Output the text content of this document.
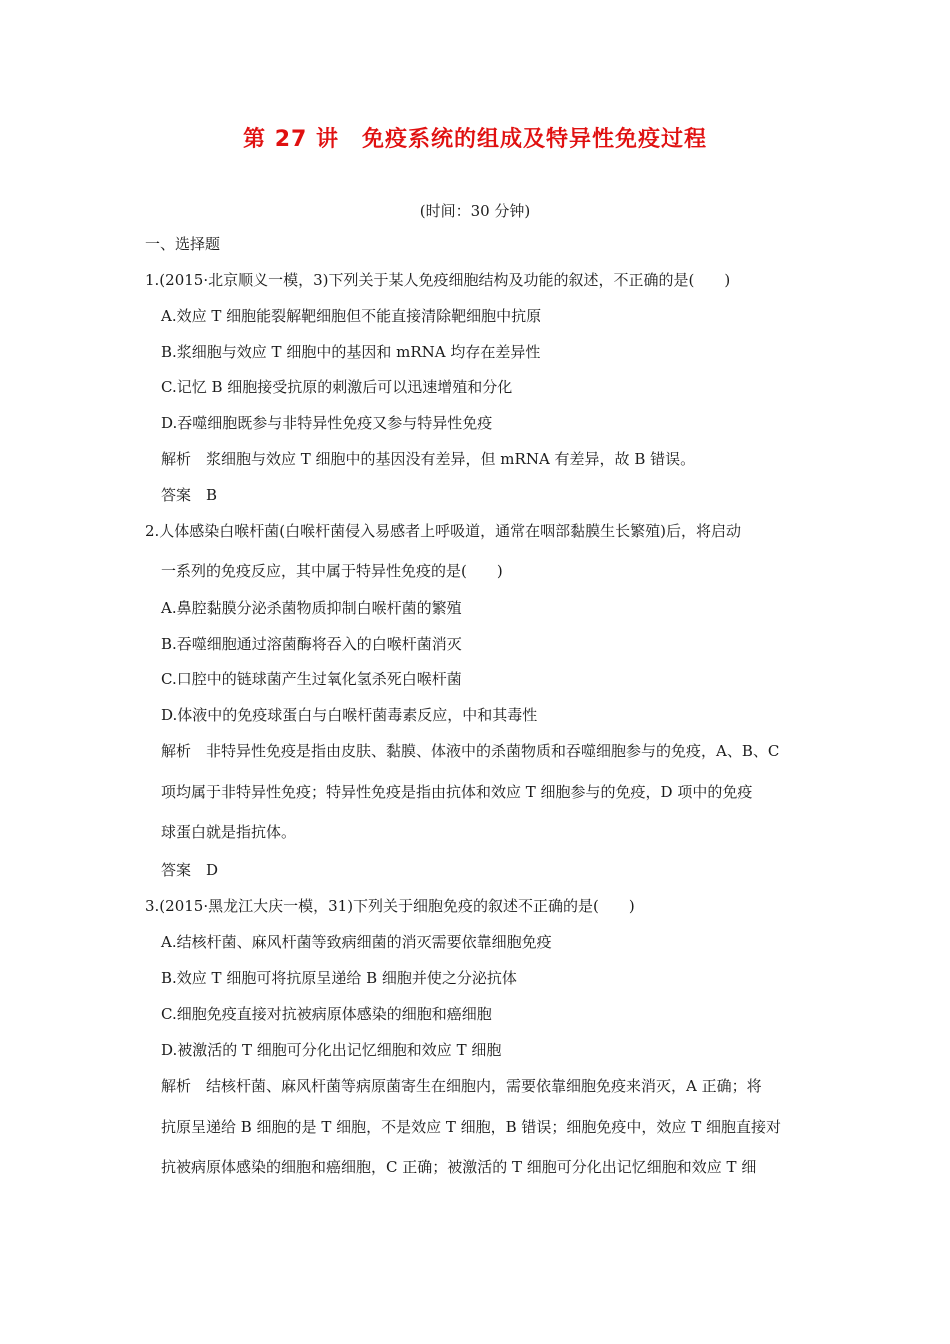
第 27 讲　免疫系统的组成及特异性免疫过程
(时间：30 分钟)
一、选择题
1.(2015·北京顺义一模，3)下列关于某人免疫细胞结构及功能的叙述，不正确的是(　　)
A.效应 T 细胞能裂解靶细胞但不能直接清除靶细胞中抗原
B.浆细胞与效应 T 细胞中的基因和 mRNA 均存在差异性
C.记忆 B 细胞接受抗原的刺激后可以迅速增殖和分化
D.吞噬细胞既参与非特异性免疫又参与特异性免疫
解析　浆细胞与效应 T 细胞中的基因没有差异，但 mRNA 有差异，故 B 错误。
答案　B
2.人体感染白喉杆菌(白喉杆菌侵入易感者上呼吸道，通常在咽部黏膜生长繁殖)后，将启动
一系列的免疫反应，其中属于特异性免疫的是(　　)
A.鼻腔黏膜分泌杀菌物质抑制白喉杆菌的繁殖
B.吞噬细胞通过溶菌酶将吞入的白喉杆菌消灭
C.口腔中的链球菌产生过氧化氢杀死白喉杆菌
D.体液中的免疫球蛋白与白喉杆菌毒素反应，中和其毒性
解析　非特异性免疫是指由皮肤、黏膜、体液中的杀菌物质和吞噬细胞参与的免疫，A、B、C
项均属于非特异性免疫；特异性免疫是指由抗体和效应 T 细胞参与的免疫，D 项中的免疫
球蛋白就是指抗体。
答案　D
3.(2015·黑龙江大庆一模，31)下列关于细胞免疫的叙述不正确的是(　　)
A.结核杆菌、麻风杆菌等致病细菌的消灭需要依靠细胞免疫
B.效应 T 细胞可将抗原呈递给 B 细胞并使之分泌抗体
C.细胞免疫直接对抗被病原体感染的细胞和癌细胞
D.被激活的 T 细胞可分化出记忆细胞和效应 T 细胞
解析　结核杆菌、麻风杆菌等病原菌寄生在细胞内，需要依靠细胞免疫来消灭，A 正确；将
抗原呈递给 B 细胞的是 T 细胞，不是效应 T 细胞，B 错误；细胞免疫中，效应 T 细胞直接对
抗被病原体感染的细胞和癌细胞，C 正确；被激活的 T 细胞可分化出记忆细胞和效应 T 细
